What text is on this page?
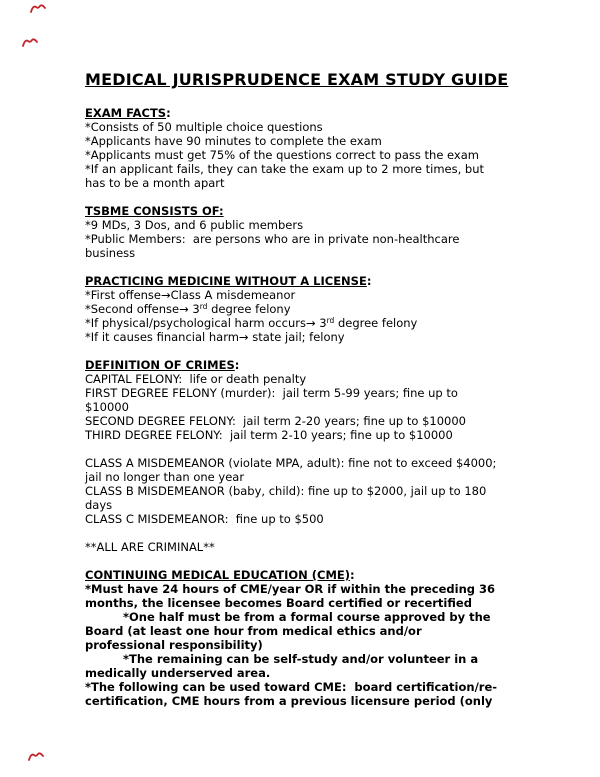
MEDICAL JURISPRUDENCE EXAM STUDY GUIDE
EXAM FACTS:
*Consists of 50 multiple choice questions
*Applicants have 90 minutes to complete the exam
*Applicants must get 75% of the questions correct to pass the exam
*If an applicant fails, they can take the exam up to 2 more times, but
has to be a month apart
TSBME CONSISTS OF:
*9 MDs, 3 Dos, and 6 public members
*Public Members:  are persons who are in private non-healthcare
business
PRACTICING MEDICINE WITHOUT A LICENSE:
*First offense→Class A misdemeanor
*Second offense→ 3rd degree felony
*If physical/psychological harm occurs→ 3rd degree felony
*If it causes financial harm→ state jail; felony
DEFINITION OF CRIMES:
CAPITAL FELONY:  life or death penalty
FIRST DEGREE FELONY (murder):  jail term 5-99 years; fine up to
$10000
SECOND DEGREE FELONY:  jail term 2-20 years; fine up to $10000
THIRD DEGREE FELONY:  jail term 2-10 years; fine up to $10000

CLASS A MISDEMEANOR (violate MPA, adult): fine not to exceed $4000;
jail no longer than one year
CLASS B MISDEMEANOR (baby, child): fine up to $2000, jail up to 180
days
CLASS C MISDEMEANOR:  fine up to $500

**ALL ARE CRIMINAL**
CONTINUING MEDICAL EDUCATION (CME):
*Must have 24 hours of CME/year OR if within the preceding 36
months, the licensee becomes Board certified or recertified
*One half must be from a formal course approved by the
Board (at least one hour from medical ethics and/or
professional responsibility)
*The remaining can be self-study and/or volunteer in a
medically underserved area.
*The following can be used toward CME:  board certification/re-
certification, CME hours from a previous licensure period (only
